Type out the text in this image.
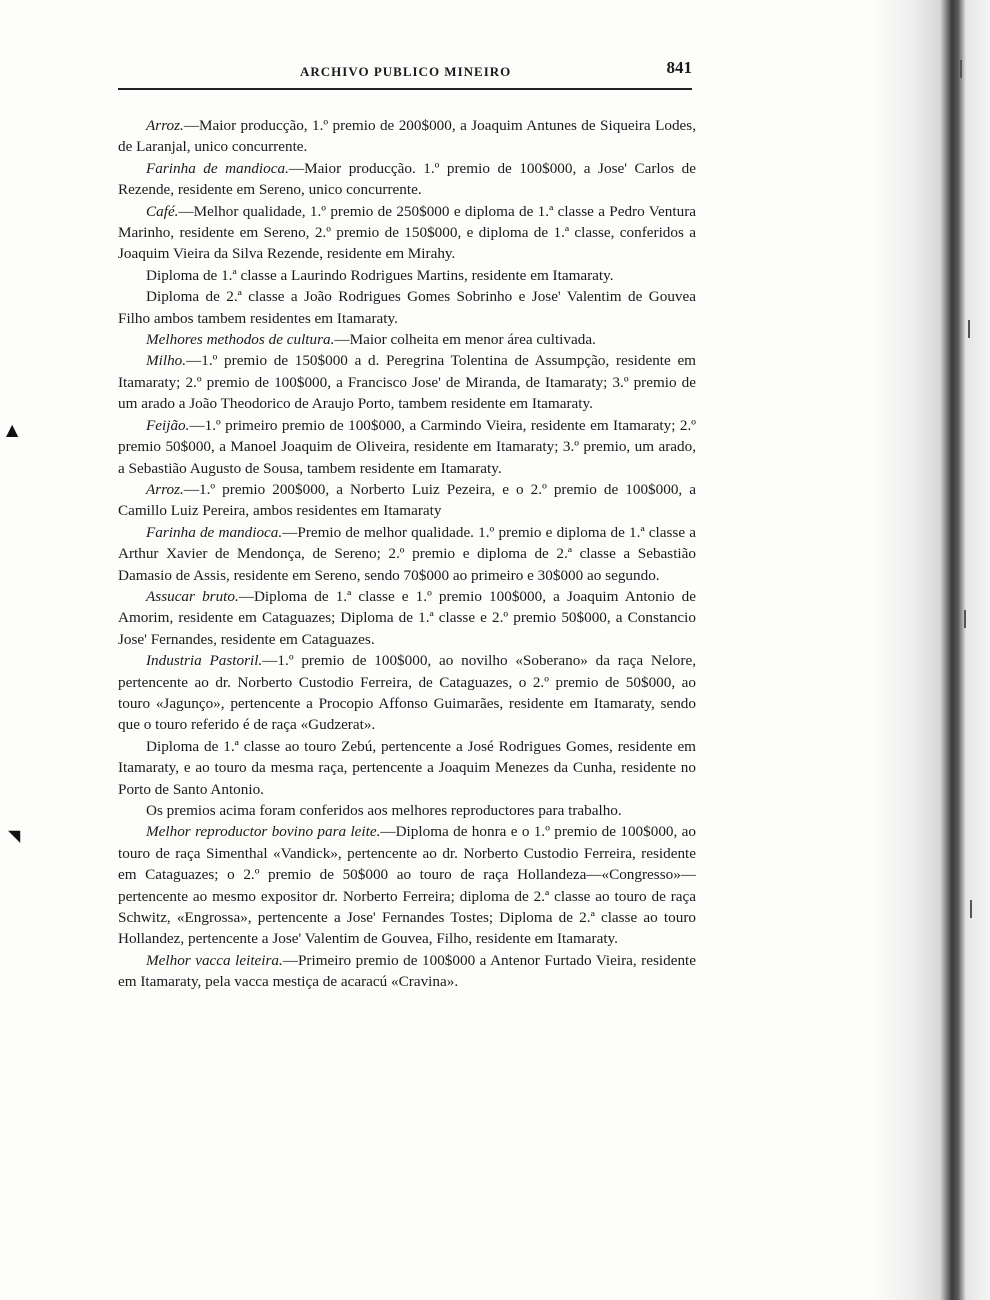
ARCHIVO PUBLICO MINEIRO	841
▲
◥

Arroz.—Maior producção, 1.º premio de 200$000, a Joaquim Antunes de Siqueira Lodes, de Laranjal, unico concurrente.

Farinha de mandioca.—Maior producção. 1.º premio de 100$000, a Jose' Carlos de Rezende, residente em Sereno, unico concurrente.

Café.—Melhor qualidade, 1.º premio de 250$000 e diploma de 1.ª classe a Pedro Ventura Marinho, residente em Sereno, 2.º premio de 150$000, e diploma de 1.ª classe, conferidos a Joaquim Vieira da Silva Rezende, residente em Mirahy.

Diploma de 1.ª classe a Laurindo Rodrigues Martins, residente em Itamaraty.

Diploma de 2.ª classe a João Rodrigues Gomes Sobrinho e Jose' Valentim de Gouvea Filho ambos tambem residentes em Itamaraty.

Melhores methodos de cultura.—Maior colheita em menor área cultivada.

Milho.—1.º premio de 150$000 a d. Peregrina Tolentina de Assumpção, residente em Itamaraty; 2.º premio de 100$000, a Francisco Jose' de Miranda, de Itamaraty; 3.º premio de um arado a João Theodorico de Araujo Porto, tambem residente em Itamaraty.

Feijão.—1.º primeiro premio de 100$000, a Carmindo Vieira, residente em Itamaraty; 2.º premio 50$000, a Manoel Joaquim de Oliveira, residente em Itamaraty; 3.º premio, um arado, a Sebastião Augusto de Sousa, tambem residente em Itamaraty.

Arroz.—1.º premio 200$000, a Norberto Luiz Pezeira, e o 2.º premio de 100$000, a Camillo Luiz Pereira, ambos residentes em Itamaraty

Farinha de mandioca.—Premio de melhor qualidade. 1.º premio e diploma de 1.ª classe a Arthur Xavier de Mendonça, de Sereno; 2.º premio e diploma de 2.ª classe a Sebastião Damasio de Assis, residente em Sereno, sendo 70$000 ao primeiro e 30$000 ao segundo.

Assucar bruto.—Diploma de 1.ª classe e 1.º premio 100$000, a Joaquim Antonio de Amorim, residente em Cataguazes; Diploma de 1.ª classe e 2.º premio 50$000, a Constancio Jose' Fernandes, residente em Cataguazes.

Industria Pastoril.—1.º premio de 100$000, ao novilho «Soberano» da raça Nelore, pertencente ao dr. Norberto Custodio Ferreira, de Cataguazes, o 2.º premio de 50$000, ao touro «Jagunço», pertencente a Procopio Affonso Guimarães, residente em Itamaraty, sendo que o touro referido é de raça «Gudzerat».

Diploma de 1.ª classe ao touro Zebú, pertencente a José Rodrigues Gomes, residente em Itamaraty, e ao touro da mesma raça, pertencente a Joaquim Menezes da Cunha, residente no Porto de Santo Antonio.

Os premios acima foram conferidos aos melhores reproductores para trabalho.

Melhor reproductor bovino para leite.—Diploma de honra e o 1.º premio de 100$000, ao touro de raça Simenthal «Vandick», pertencente ao dr. Norberto Custodio Ferreira, residente em Cataguazes; o 2.º premio de 50$000 ao touro de raça Hollandeza—«Congresso»—pertencente ao mesmo expositor dr. Norberto Ferreira; diploma de 2.ª classe ao touro de raça Schwitz, «Engrossa», pertencente a Jose' Fernandes Tostes; Diploma de 2.ª classe ao touro Hollandez, pertencente a Jose' Valentim de Gouvea, Filho, residente em Itamaraty.

Melhor vacca leiteira.—Primeiro premio de 100$000 a Antenor Furtado Vieira, residente em Itamaraty, pela vacca mestiça de acaracú «Cravina».
